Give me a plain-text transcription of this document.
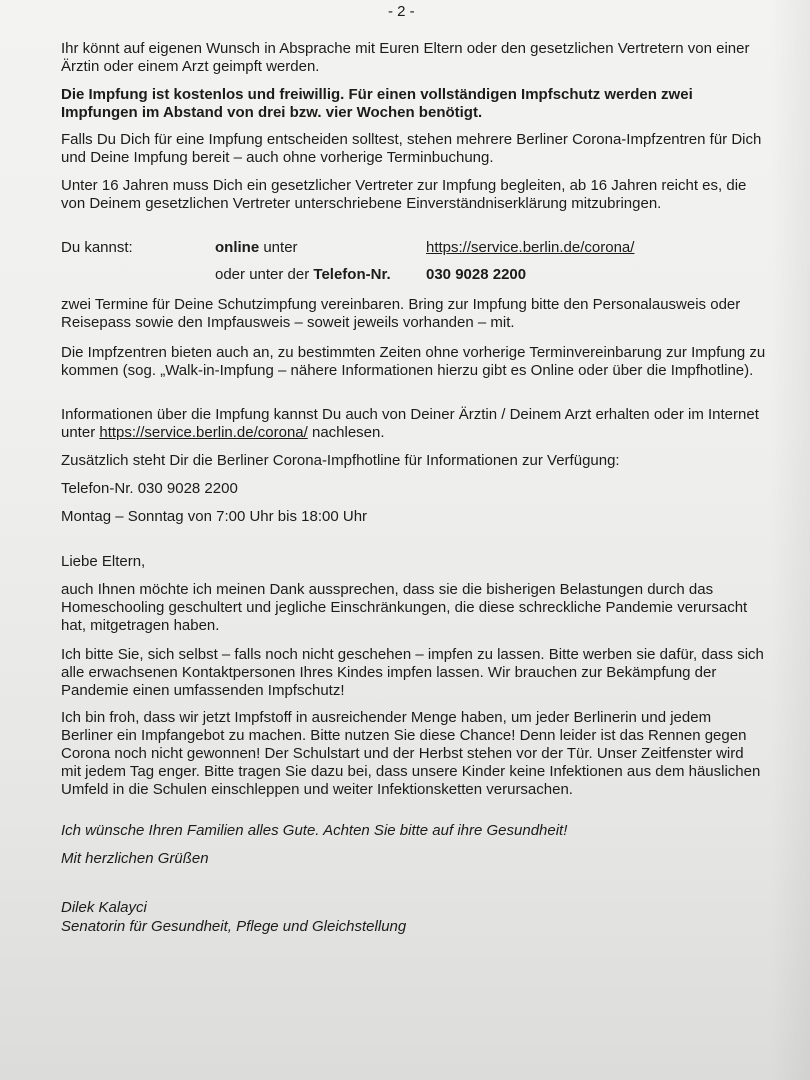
- 2 -
Ihr könnt auf eigenen Wunsch in Absprache mit Euren Eltern oder den gesetzlichen Vertretern von einer Ärztin oder einem Arzt geimpft werden.
Die Impfung ist kostenlos und freiwillig. Für einen vollständigen Impfschutz werden zwei Impfungen im Abstand von drei bzw. vier Wochen benötigt.
Falls Du Dich für eine Impfung entscheiden solltest, stehen mehrere Berliner Corona-Impfzentren für Dich und Deine Impfung bereit – auch ohne vorherige Terminbuchung.
Unter 16 Jahren muss Dich ein gesetzlicher Vertreter zur Impfung begleiten, ab 16 Jahren reicht es, die von Deinem gesetzlichen Vertreter unterschriebene Einverständniserklärung mitzubringen.
Du kannst:	online unter	https://service.berlin.de/corona/
oder unter der Telefon-Nr. 030 9028 2200
zwei Termine für Deine Schutzimpfung vereinbaren. Bring zur Impfung bitte den Personalausweis oder Reisepass sowie den Impfausweis – soweit jeweils vorhanden – mit.
Die Impfzentren bieten auch an, zu bestimmten Zeiten ohne vorherige Terminvereinbarung zur Impfung zu kommen (sog. „Walk-in-Impfung – nähere Informationen hierzu gibt es Online oder über die Impfhotline).
Informationen über die Impfung kannst Du auch von Deiner Ärztin / Deinem Arzt erhalten oder im Internet unter https://service.berlin.de/corona/ nachlesen.
Zusätzlich steht Dir die Berliner Corona-Impfhotline für Informationen zur Verfügung:
Telefon-Nr. 030 9028 2200
Montag – Sonntag von 7:00 Uhr bis 18:00 Uhr
Liebe Eltern,
auch Ihnen möchte ich meinen Dank aussprechen, dass sie die bisherigen Belastungen durch das Homeschooling geschultert und jegliche Einschränkungen, die diese schreckliche Pandemie verursacht hat, mitgetragen haben.
Ich bitte Sie, sich selbst – falls noch nicht geschehen – impfen zu lassen. Bitte werben sie dafür, dass sich alle erwachsenen Kontaktpersonen Ihres Kindes impfen lassen. Wir brauchen zur Bekämpfung der Pandemie einen umfassenden Impfschutz!
Ich bin froh, dass wir jetzt Impfstoff in ausreichender Menge haben, um jeder Berlinerin und jedem Berliner ein Impfangebot zu machen. Bitte nutzen Sie diese Chance! Denn leider ist das Rennen gegen Corona noch nicht gewonnen! Der Schulstart und der Herbst stehen vor der Tür. Unser Zeitfenster wird mit jedem Tag enger. Bitte tragen Sie dazu bei, dass unsere Kinder keine Infektionen aus dem häuslichen Umfeld in die Schulen einschleppen und weiter Infektionsketten verursachen.
Ich wünsche Ihren Familien alles Gute. Achten Sie bitte auf ihre Gesundheit!
Mit herzlichen Grüßen
Dilek Kalayci
Senatorin für Gesundheit, Pflege und Gleichstellung
